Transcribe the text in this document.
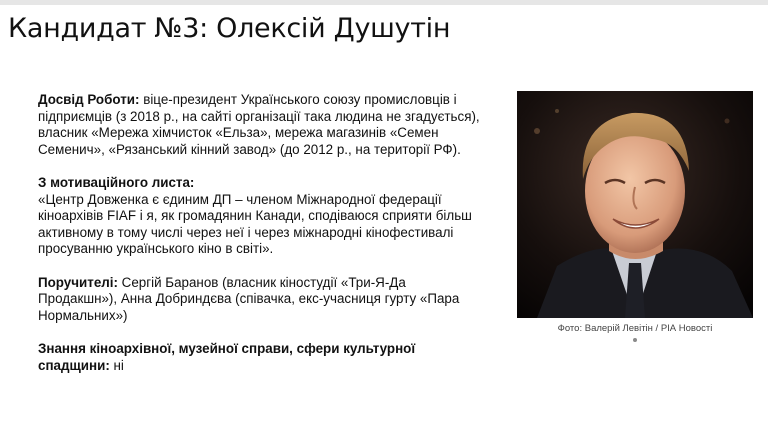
Кандидат №3: Олексій Душутін
Досвід Роботи: віце-президент Українського союзу промисловців і підприємців (з 2018 р., на сайті організації така людина не згадується), власник «Мережа хімчисток «Ельза», мережа магазинів «Семен Семенич», «Рязанський кінний завод» (до 2012 р., на території РФ).
З мотиваційного листа:
«Центр Довженка є єдиним ДП – членом Міжнародної федерації кіноархівів FIAF і я, як громадянин Канади, сподіваюся сприяти більш активному в тому числі через неї і через міжнародні кінофестивалі просуванню українського кіно в світі».
Поручителі: Сергій Баранов (власник кіностудії «Три-Я-Да Продакшн»), Анна Добриндєва (співачка, екс-учасниця гурту «Пара Нормальних»)
Знання кіноархівної, музейної справи, сфери культурної спадщини: ні
Фото: Валерій Левітін / РІА Новості
